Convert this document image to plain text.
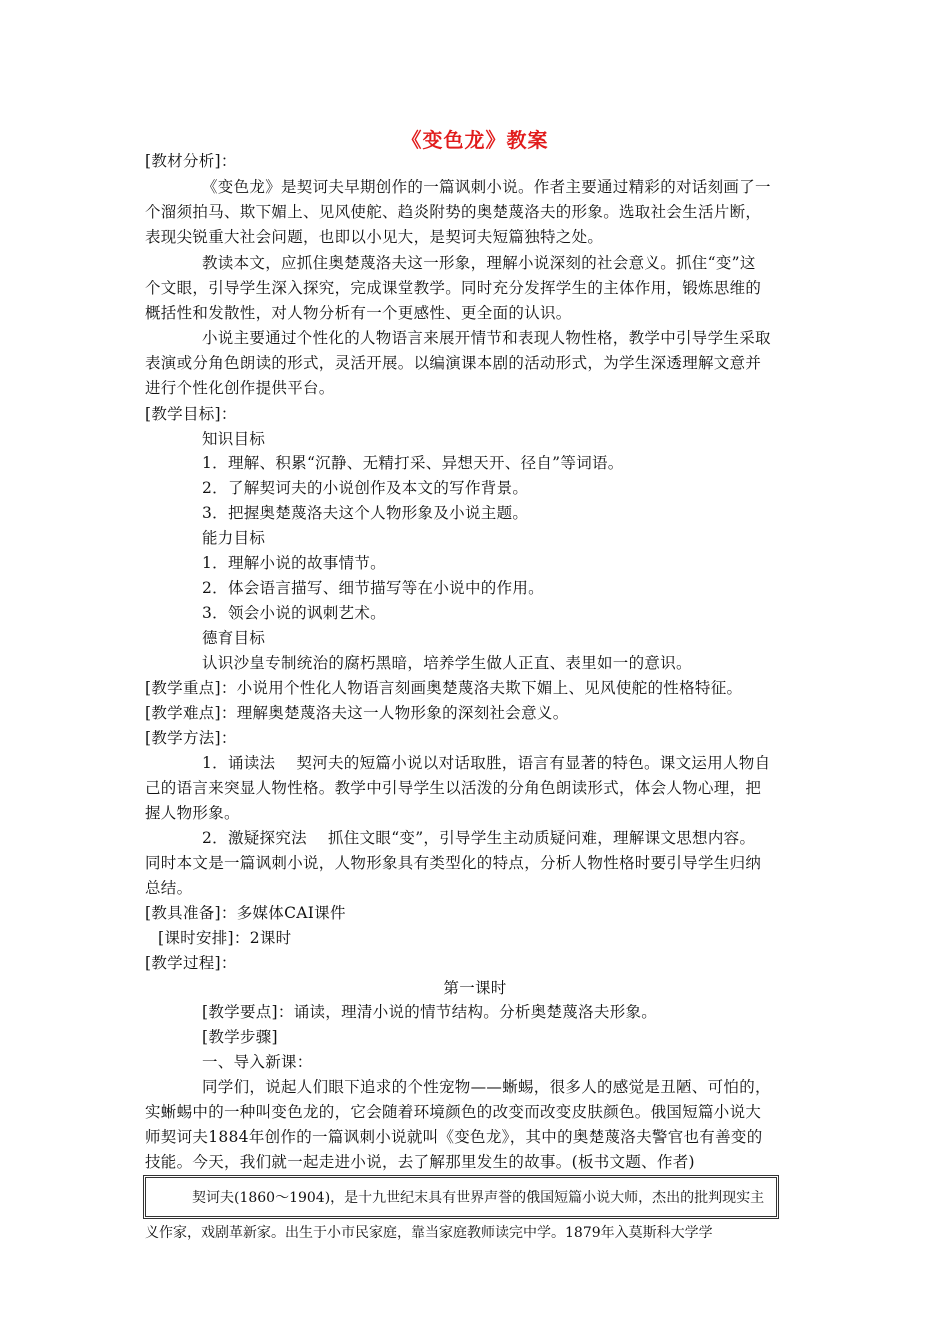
《变色龙》教案
[教材分析]：
《变色龙》是契诃夫早期创作的一篇讽刺小说。作者主要通过精彩的对话刻画了一
个溜须拍马、欺下媚上、见风使舵、趋炎附势的奥楚蔑洛夫的形象。选取社会生活片断，
表现尖锐重大社会问题，也即以小见大，是契诃夫短篇独特之处。
教读本文，应抓住奥楚蔑洛夫这一形象，理解小说深刻的社会意义。抓住“变”这
个文眼，引导学生深入探究，完成课堂教学。同时充分发挥学生的主体作用，锻炼思维的
概括性和发散性，对人物分析有一个更感性、更全面的认识。
小说主要通过个性化的人物语言来展开情节和表现人物性格，教学中引导学生采取
表演或分角色朗读的形式，灵活开展。以编演课本剧的活动形式，为学生深透理解文意并
进行个性化创作提供平台。
[教学目标]：
知识目标
1．理解、积累“沉静、无精打采、异想天开、径自”等词语。
2．了解契诃夫的小说创作及本文的写作背景。
3．把握奥楚蔑洛夫这个人物形象及小说主题。
能力目标
1．理解小说的故事情节。
2．体会语言描写、细节描写等在小说中的作用。
3．领会小说的讽刺艺术。
德育目标
认识沙皇专制统治的腐朽黑暗，培养学生做人正直、表里如一的意识。
[教学重点]：小说用个性化人物语言刻画奥楚蔑洛夫欺下媚上、见风使舵的性格特征。
[教学难点]：理解奥楚蔑洛夫这一人物形象的深刻社会意义。
[教学方法]：
1．诵读法　 契河夫的短篇小说以对话取胜，语言有显著的特色。课文运用人物自
己的语言来突显人物性格。教学中引导学生以活泼的分角色朗读形式，体会人物心理，把
握人物形象。
2．激疑探究法　 抓住文眼“变”，引导学生主动质疑问难，理解课文思想内容。
同时本文是一篇讽刺小说，人物形象具有类型化的特点，分析人物性格时要引导学生归纳
总结。
[教具准备]：多媒体CAI课件
[课时安排]：2课时
[教学过程]：
第一课时
[教学要点]：诵读，理清小说的情节结构。分析奥楚蔑洛夫形象。
[教学步骤]
一、导入新课：
同学们，说起人们眼下追求的个性宠物——蜥蜴，很多人的感觉是丑陋、可怕的，
实蜥蜴中的一种叫变色龙的，它会随着环境颜色的改变而改变皮肤颜色。俄国短篇小说大
师契诃夫1884年创作的一篇讽刺小说就叫《变色龙》，其中的奥楚蔑洛夫警官也有善变的
技能。今天，我们就一起走进小说，去了解那里发生的故事。(板书文题、作者)
契诃夫(1860～1904)，是十九世纪末具有世界声誉的俄国短篇小说大师，杰出的批判现实主
义作家，戏剧革新家。出生于小市民家庭，靠当家庭教师读完中学。1879年入莫斯科大学学
